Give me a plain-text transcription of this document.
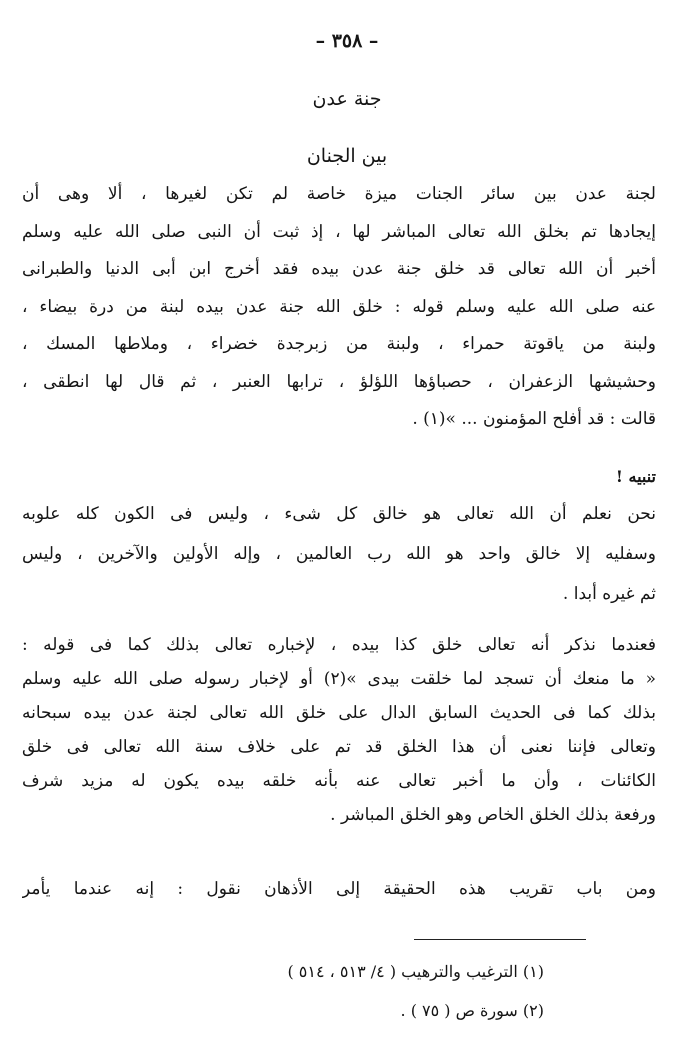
– ٣٥٨ –
جنة عدن
بين الجنان
لجنة عدن بين سائر الجنات ميزة خاصة لم تكن لغيرها ، ألا وهى أن
إيجادها تم بخلق الله تعالى المباشر لها ، إذ ثبت أن النبى صلى الله عليه وسلم
أخبر أن الله تعالى قد خلق جنة عدن بيده فقد أخرج ابن أبى الدنيا والطبرانى
عنه صلى الله عليه وسلم قوله : خلق الله جنة عدن بيده لبنة من درة بيضاء ،
ولبنة من ياقوتة حمراء ، ولبنة من زبرجدة خضراء ، وملاطها المسك ،
وحشيشها الزعفران ، حصباؤها اللؤلؤ ، ترابها العنبر ، ثم قال لها انطقى ،
قالت : قد أفلح المؤمنون ... »(١) .
تنبيه !
نحن نعلم أن الله تعالى هو خالق كل شىء ، وليس فى الكون كله علوبه
وسفليه إلا خالق واحد هو الله رب العالمين ، وإله الأولين والآخرين ، وليس
ثم غيره أبدا .
فعندما نذكر أنه تعالى خلق كذا بيده ، لإخباره تعالى بذلك كما فى قوله :
« ما منعك أن تسجد لما خلقت بيدى »(٢) أو لإخبار رسوله صلى الله عليه وسلم
بذلك كما فى الحديث السابق الدال على خلق الله تعالى لجنة عدن بيده سبحانه
وتعالى فإننا نعنى أن هذا الخلق قد تم على خلاف سنة الله تعالى فى خلق
الكائنات ، وأن ما أخبر تعالى عنه بأنه خلقه بيده يكون له مزيد شرف
ورفعة بذلك الخلق الخاص وهو الخلق المباشر .
ومن باب تقريب هذه الحقيقة إلى الأذهان نقول : إنه عندما يأمر
(١) الترغيب والترهيب ( ٤/ ٥١٣ ، ٥١٤ )
(٢) سورة ص ( ٧٥ ) .
